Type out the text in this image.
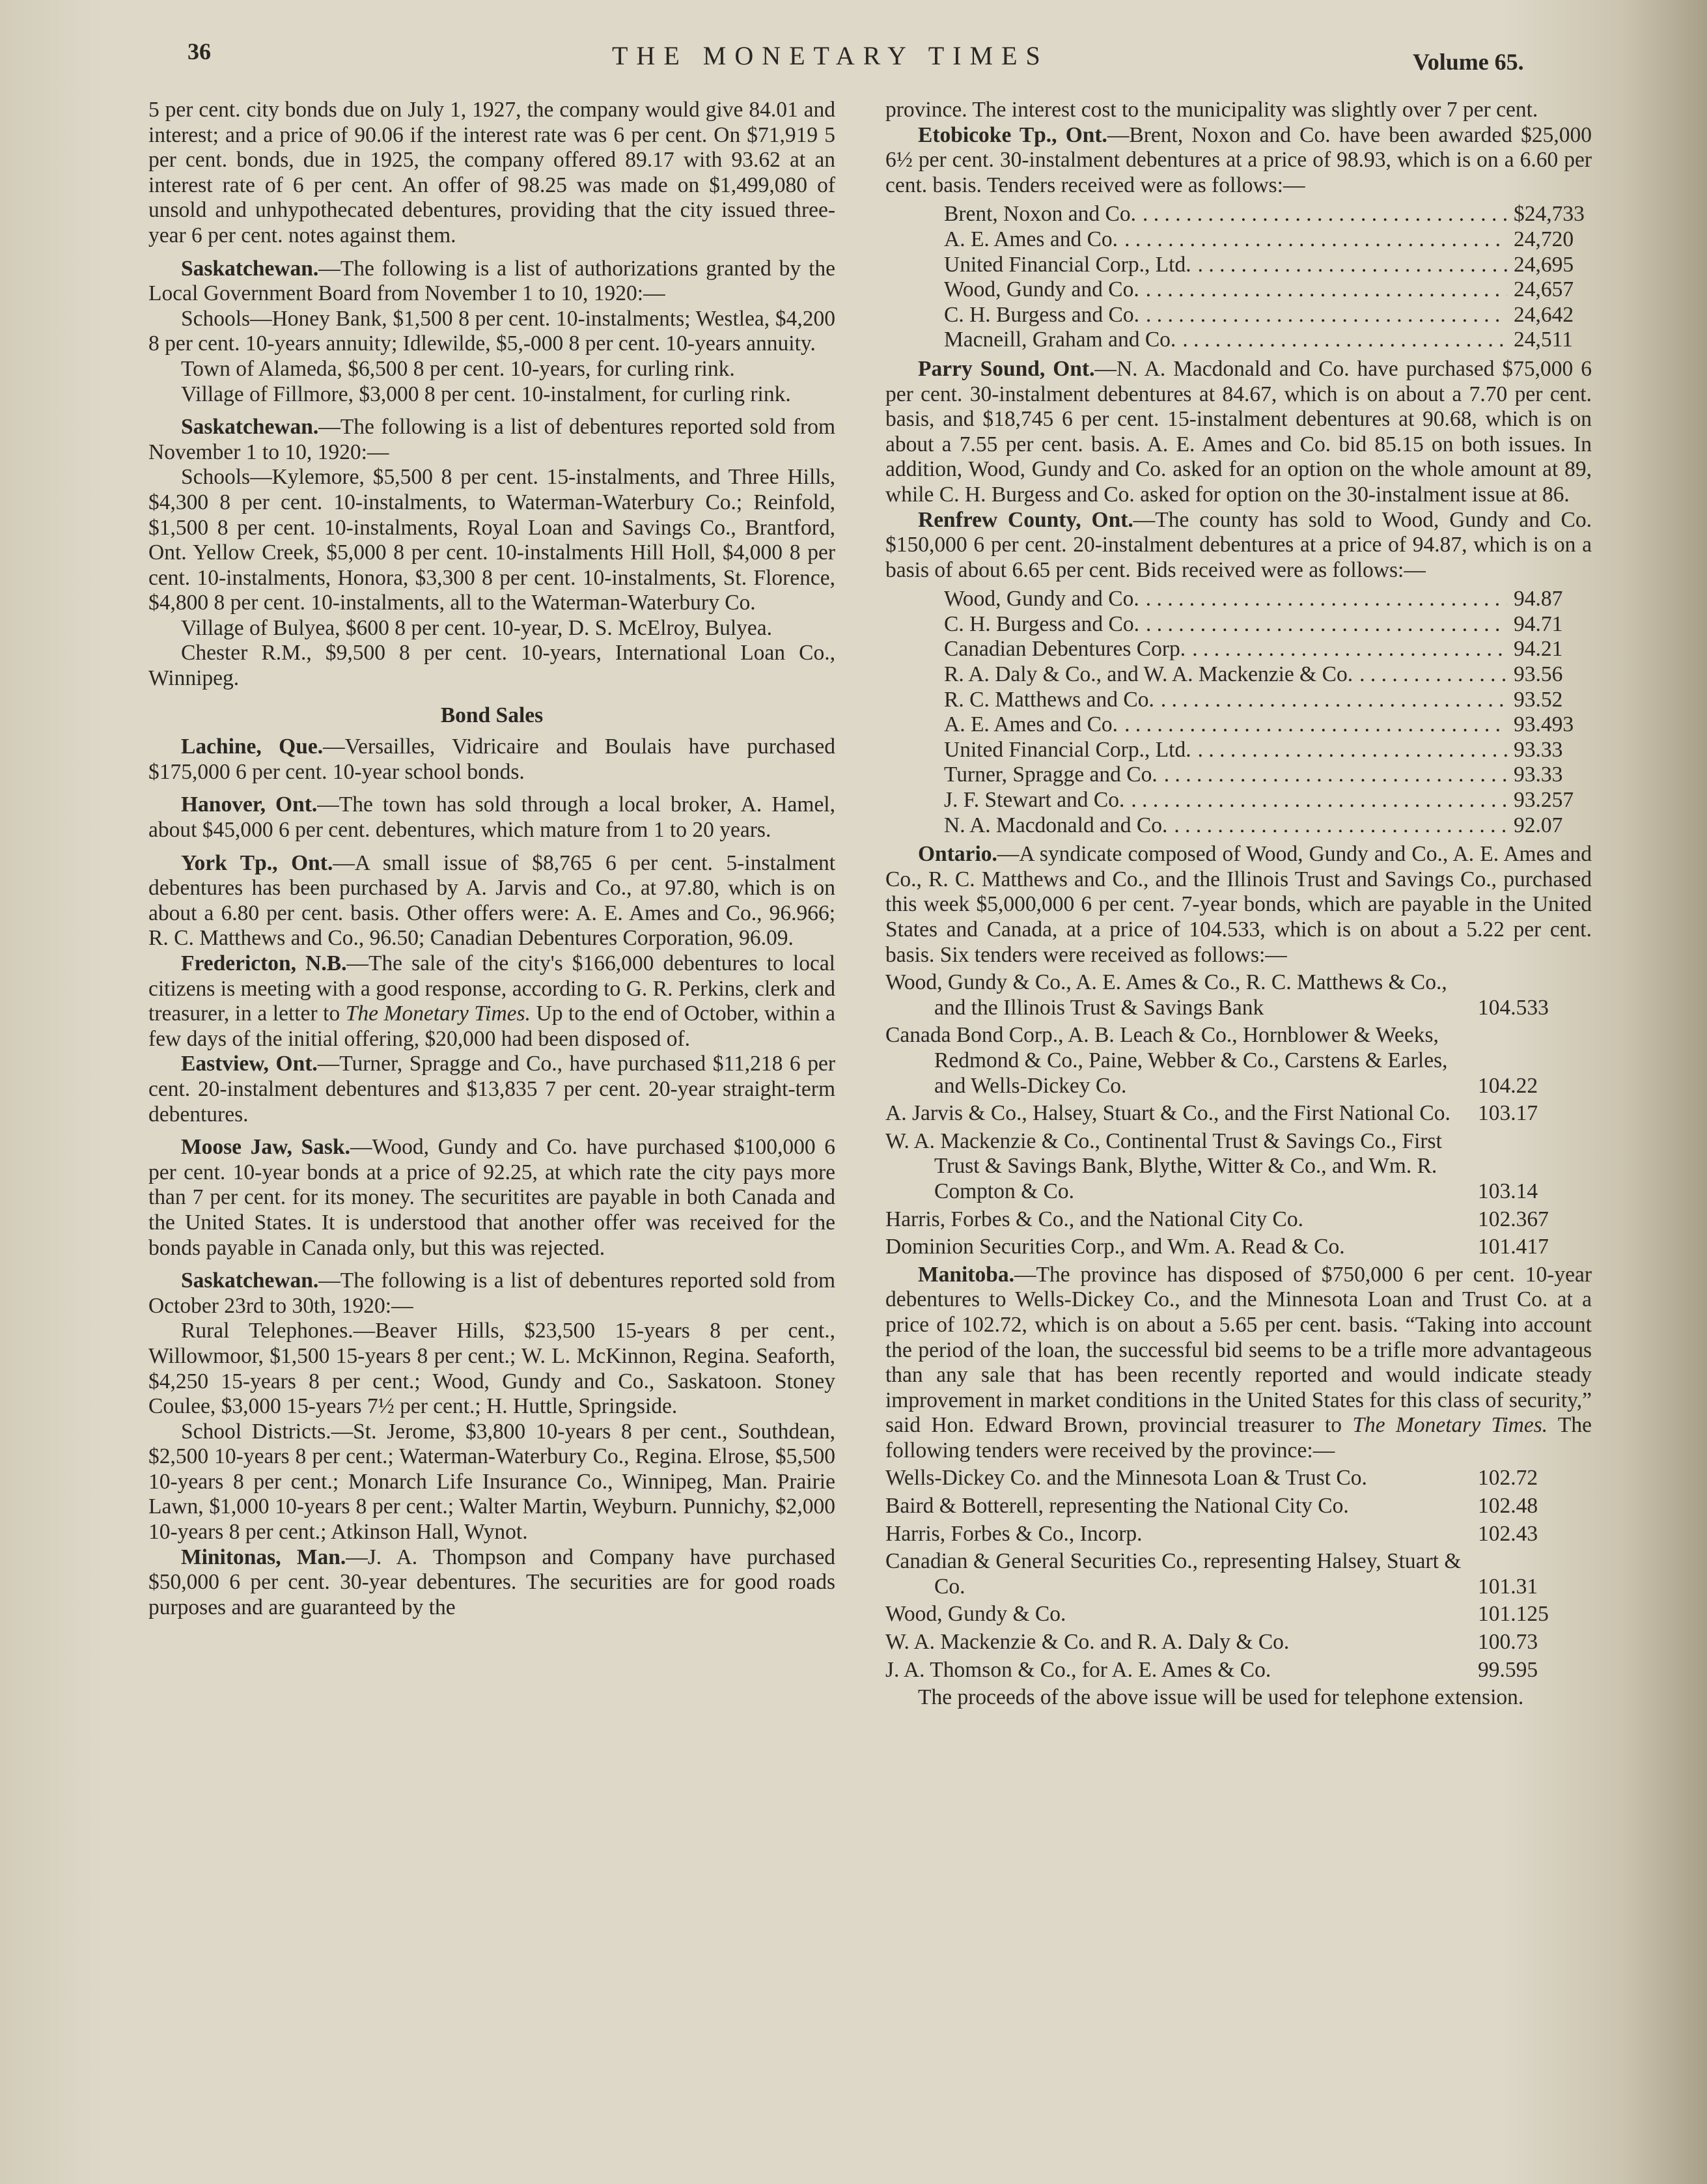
36	THE MONETARY TIMES	Volume 65.

5 per cent. city bonds due on July 1, 1927, the company would give 84.01 and interest; and a price of 90.06 if the interest rate was 6 per cent. On $71,919 5 per cent. bonds, due in 1925, the company offered 89.17 with 93.62 at an interest rate of 6 per cent. An offer of 98.25 was made on $1,499,080 of unsold and unhypothecated debentures, providing that the city issued three-year 6 per cent. notes against them.

Saskatchewan.—The following is a list of authorizations granted by the Local Government Board from November 1 to 10, 1920:—

Schools—Honey Bank, $1,500 8 per cent. 10-instalments; Westlea, $4,200 8 per cent. 10-years annuity; Idlewilde, $5,-000 8 per cent. 10-years annuity.

Town of Alameda, $6,500 8 per cent. 10-years, for curling rink.

Village of Fillmore, $3,000 8 per cent. 10-instalment, for curling rink.

Saskatchewan.—The following is a list of debentures reported sold from November 1 to 10, 1920:—

Schools—Kylemore, $5,500 8 per cent. 15-instalments, and Three Hills, $4,300 8 per cent. 10-instalments, to Waterman-Waterbury Co.; Reinfold, $1,500 8 per cent. 10-instalments, Royal Loan and Savings Co., Brantford, Ont. Yellow Creek, $5,000 8 per cent. 10-instalments Hill Holl, $4,000 8 per cent. 10-instalments, Honora, $3,300 8 per cent. 10-instalments, St. Florence, $4,800 8 per cent. 10-instalments, all to the Waterman-Waterbury Co.

Village of Bulyea, $600 8 per cent. 10-year, D. S. McElroy, Bulyea.

Chester R.M., $9,500 8 per cent. 10-years, International Loan Co., Winnipeg.

Bond Sales

Lachine, Que.—Versailles, Vidricaire and Boulais have purchased $175,000 6 per cent. 10-year school bonds.

Hanover, Ont.—The town has sold through a local broker, A. Hamel, about $45,000 6 per cent. debentures, which mature from 1 to 20 years.

York Tp., Ont.—A small issue of $8,765 6 per cent. 5-instalment debentures has been purchased by A. Jarvis and Co., at 97.80, which is on about a 6.80 per cent. basis. Other offers were: A. E. Ames and Co., 96.966; R. C. Matthews and Co., 96.50; Canadian Debentures Corporation, 96.09.

Fredericton, N.B.—The sale of the city's $166,000 debentures to local citizens is meeting with a good response, according to G. R. Perkins, clerk and treasurer, in a letter to The Monetary Times. Up to the end of October, within a few days of the initial offering, $20,000 had been disposed of.

Eastview, Ont.—Turner, Spragge and Co., have purchased $11,218 6 per cent. 20-instalment debentures and $13,835 7 per cent. 20-year straight-term debentures.

Moose Jaw, Sask.—Wood, Gundy and Co. have purchased $100,000 6 per cent. 10-year bonds at a price of 92.25, at which rate the city pays more than 7 per cent. for its money. The securitites are payable in both Canada and the United States. It is understood that another offer was received for the bonds payable in Canada only, but this was rejected.

Saskatchewan.—The following is a list of debentures reported sold from October 23rd to 30th, 1920:—

Rural Telephones.—Beaver Hills, $23,500 15-years 8 per cent., Willowmoor, $1,500 15-years 8 per cent.; W. L. McKinnon, Regina. Seaforth, $4,250 15-years 8 per cent.; Wood, Gundy and Co., Saskatoon. Stoney Coulee, $3,000 15-years 7½ per cent.; H. Huttle, Springside.

School Districts.—St. Jerome, $3,800 10-years 8 per cent., Southdean, $2,500 10-years 8 per cent.; Waterman-Waterbury Co., Regina. Elrose, $5,500 10-years 8 per cent.; Monarch Life Insurance Co., Winnipeg, Man. Prairie Lawn, $1,000 10-years 8 per cent.; Walter Martin, Weyburn. Punnichy, $2,000 10-years 8 per cent.; Atkinson Hall, Wynot.

Minitonas, Man.—J. A. Thompson and Company have purchased $50,000 6 per cent. 30-year debentures. The securities are for good roads purposes and are guaranteed by the

province. The interest cost to the municipality was slightly over 7 per cent.

Etobicoke Tp., Ont.—Brent, Noxon and Co. have been awarded $25,000 6½ per cent. 30-instalment debentures at a price of 98.93, which is on a 6.60 per cent. basis. Tenders received were as follows:—

Brent, Noxon and Co. . . .	$24,733
A. E. Ames and Co. . . .	24,720
United Financial Corp., Ltd. . . .	24,695
Wood, Gundy and Co. . . .	24,657
C. H. Burgess and Co. . . .	24,642
Macneill, Graham and Co. . . .	24,511

Parry Sound, Ont.—N. A. Macdonald and Co. have purchased $75,000 6 per cent. 30-instalment debentures at 84.67, which is on about a 7.70 per cent. basis, and $18,745 6 per cent. 15-instalment debentures at 90.68, which is on about a 7.55 per cent. basis. A. E. Ames and Co. bid 85.15 on both issues. In addition, Wood, Gundy and Co. asked for an option on the whole amount at 89, while C. H. Burgess and Co. asked for option on the 30-instalment issue at 86.

Renfrew County, Ont.—The county has sold to Wood, Gundy and Co. $150,000 6 per cent. 20-instalment debentures at a price of 94.87, which is on a basis of about 6.65 per cent. Bids received were as follows:—

Wood, Gundy and Co. . . .	94.87
C. H. Burgess and Co. . . .	94.71
Canadian Debentures Corp. . . .	94.21
R. A. Daly & Co., and W. A. Mackenzie & Co. . . .	93.56
R. C. Matthews and Co. . . .	93.52
A. E. Ames and Co. . . .	93.493
United Financial Corp., Ltd. . . .	93.33
Turner, Spragge and Co. . . .	93.33
J. F. Stewart and Co. . . .	93.257
N. A. Macdonald and Co. . . .	92.07

Ontario.—A syndicate composed of Wood, Gundy and Co., A. E. Ames and Co., R. C. Matthews and Co., and the Illinois Trust and Savings Co., purchased this week $5,000,000 6 per cent. 7-year bonds, which are payable in the United States and Canada, at a price of 104.533, which is on about a 5.22 per cent. basis. Six tenders were received as follows:—

Wood, Gundy & Co., A. E. Ames & Co., R. C. Matthews & Co., and the Illinois Trust & Savings Bank	104.533
Canada Bond Corp., A. B. Leach & Co., Hornblower & Weeks, Redmond & Co., Paine, Webber & Co., Carstens & Earles, and Wells-Dickey Co.	104.22
A. Jarvis & Co., Halsey, Stuart & Co., and the First National Co.	103.17
W. A. Mackenzie & Co., Continental Trust & Savings Co., First Trust & Savings Bank, Blythe, Witter & Co., and Wm. R. Compton & Co.	103.14
Harris, Forbes & Co., and the National City Co.	102.367
Dominion Securities Corp., and Wm. A. Read & Co.	101.417

Manitoba.—The province has disposed of $750,000 6 per cent. 10-year debentures to Wells-Dickey Co., and the Minnesota Loan and Trust Co. at a price of 102.72, which is on about a 5.65 per cent. basis. “Taking into account the period of the loan, the successful bid seems to be a trifle more advantageous than any sale that has been recently reported and would indicate steady improvement in market conditions in the United States for this class of security,” said Hon. Edward Brown, provincial treasurer to The Monetary Times. The following tenders were received by the province:—

Wells-Dickey Co. and the Minnesota Loan & Trust Co.	102.72
Baird & Botterell, representing the National City Co.	102.48
Harris, Forbes & Co., Incorp.	102.43
Canadian & General Securities Co., representing Halsey, Stuart & Co.	101.31
Wood, Gundy & Co.	101.125
W. A. Mackenzie & Co. and R. A. Daly & Co.	100.73
J. A. Thomson & Co., for A. E. Ames & Co.	99.595

The proceeds of the above issue will be used for telephone extension.
